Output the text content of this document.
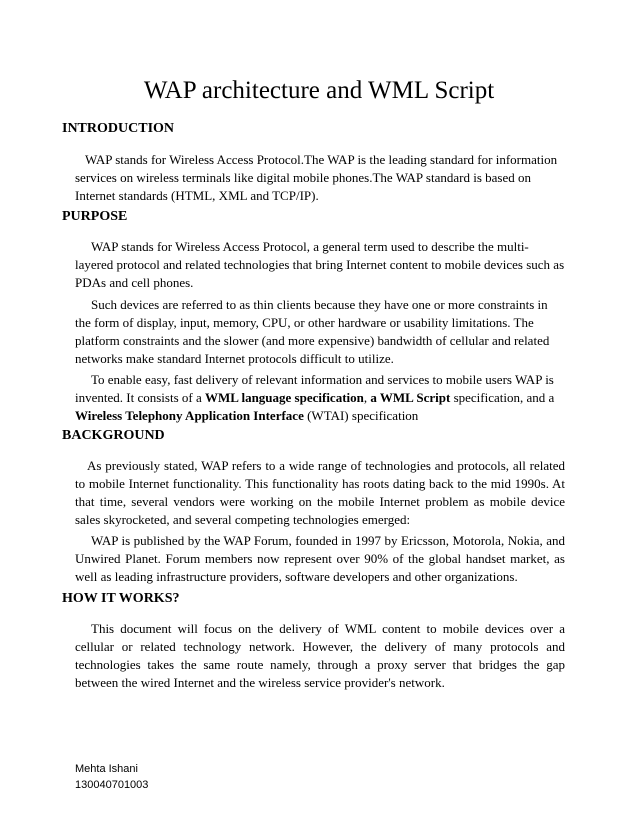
WAP architecture and WML Script
INTRODUCTION
WAP stands for Wireless Access Protocol.The WAP is the leading standard for information services on wireless terminals like digital mobile phones.The WAP standard is based on Internet standards (HTML, XML and TCP/IP).
PURPOSE
WAP stands for Wireless Access Protocol, a general term used to describe the multi-layered protocol and related technologies that bring Internet content to mobile devices such as PDAs and cell phones.
Such devices are referred to as thin clients because they have one or more constraints in the form of display, input, memory, CPU, or other hardware or usability limitations. The platform constraints and the slower (and more expensive) bandwidth of cellular and related networks make standard Internet protocols difficult to utilize.
To enable easy, fast delivery of relevant information and services to mobile users WAP is invented. It consists of a WML language specification, a WML Script specification, and a Wireless Telephony Application Interface (WTAI) specification
BACKGROUND
As previously stated, WAP refers to a wide range of technologies and protocols, all related to mobile Internet functionality. This functionality has roots dating back to the mid 1990s. At that time, several vendors were working on the mobile Internet problem as mobile device sales skyrocketed, and several competing technologies emerged:
WAP is published by the WAP Forum, founded in 1997 by Ericsson, Motorola, Nokia, and Unwired Planet. Forum members now represent over 90% of the global handset market, as well as leading infrastructure providers, software developers and other organizations.
HOW IT WORKS?
This document will focus on the delivery of WML content to mobile devices over a cellular or related technology network. However, the delivery of many protocols and technologies takes the same route namely, through a proxy server that bridges the gap between the wired Internet and the wireless service provider's network.
Mehta Ishani
130040701003
